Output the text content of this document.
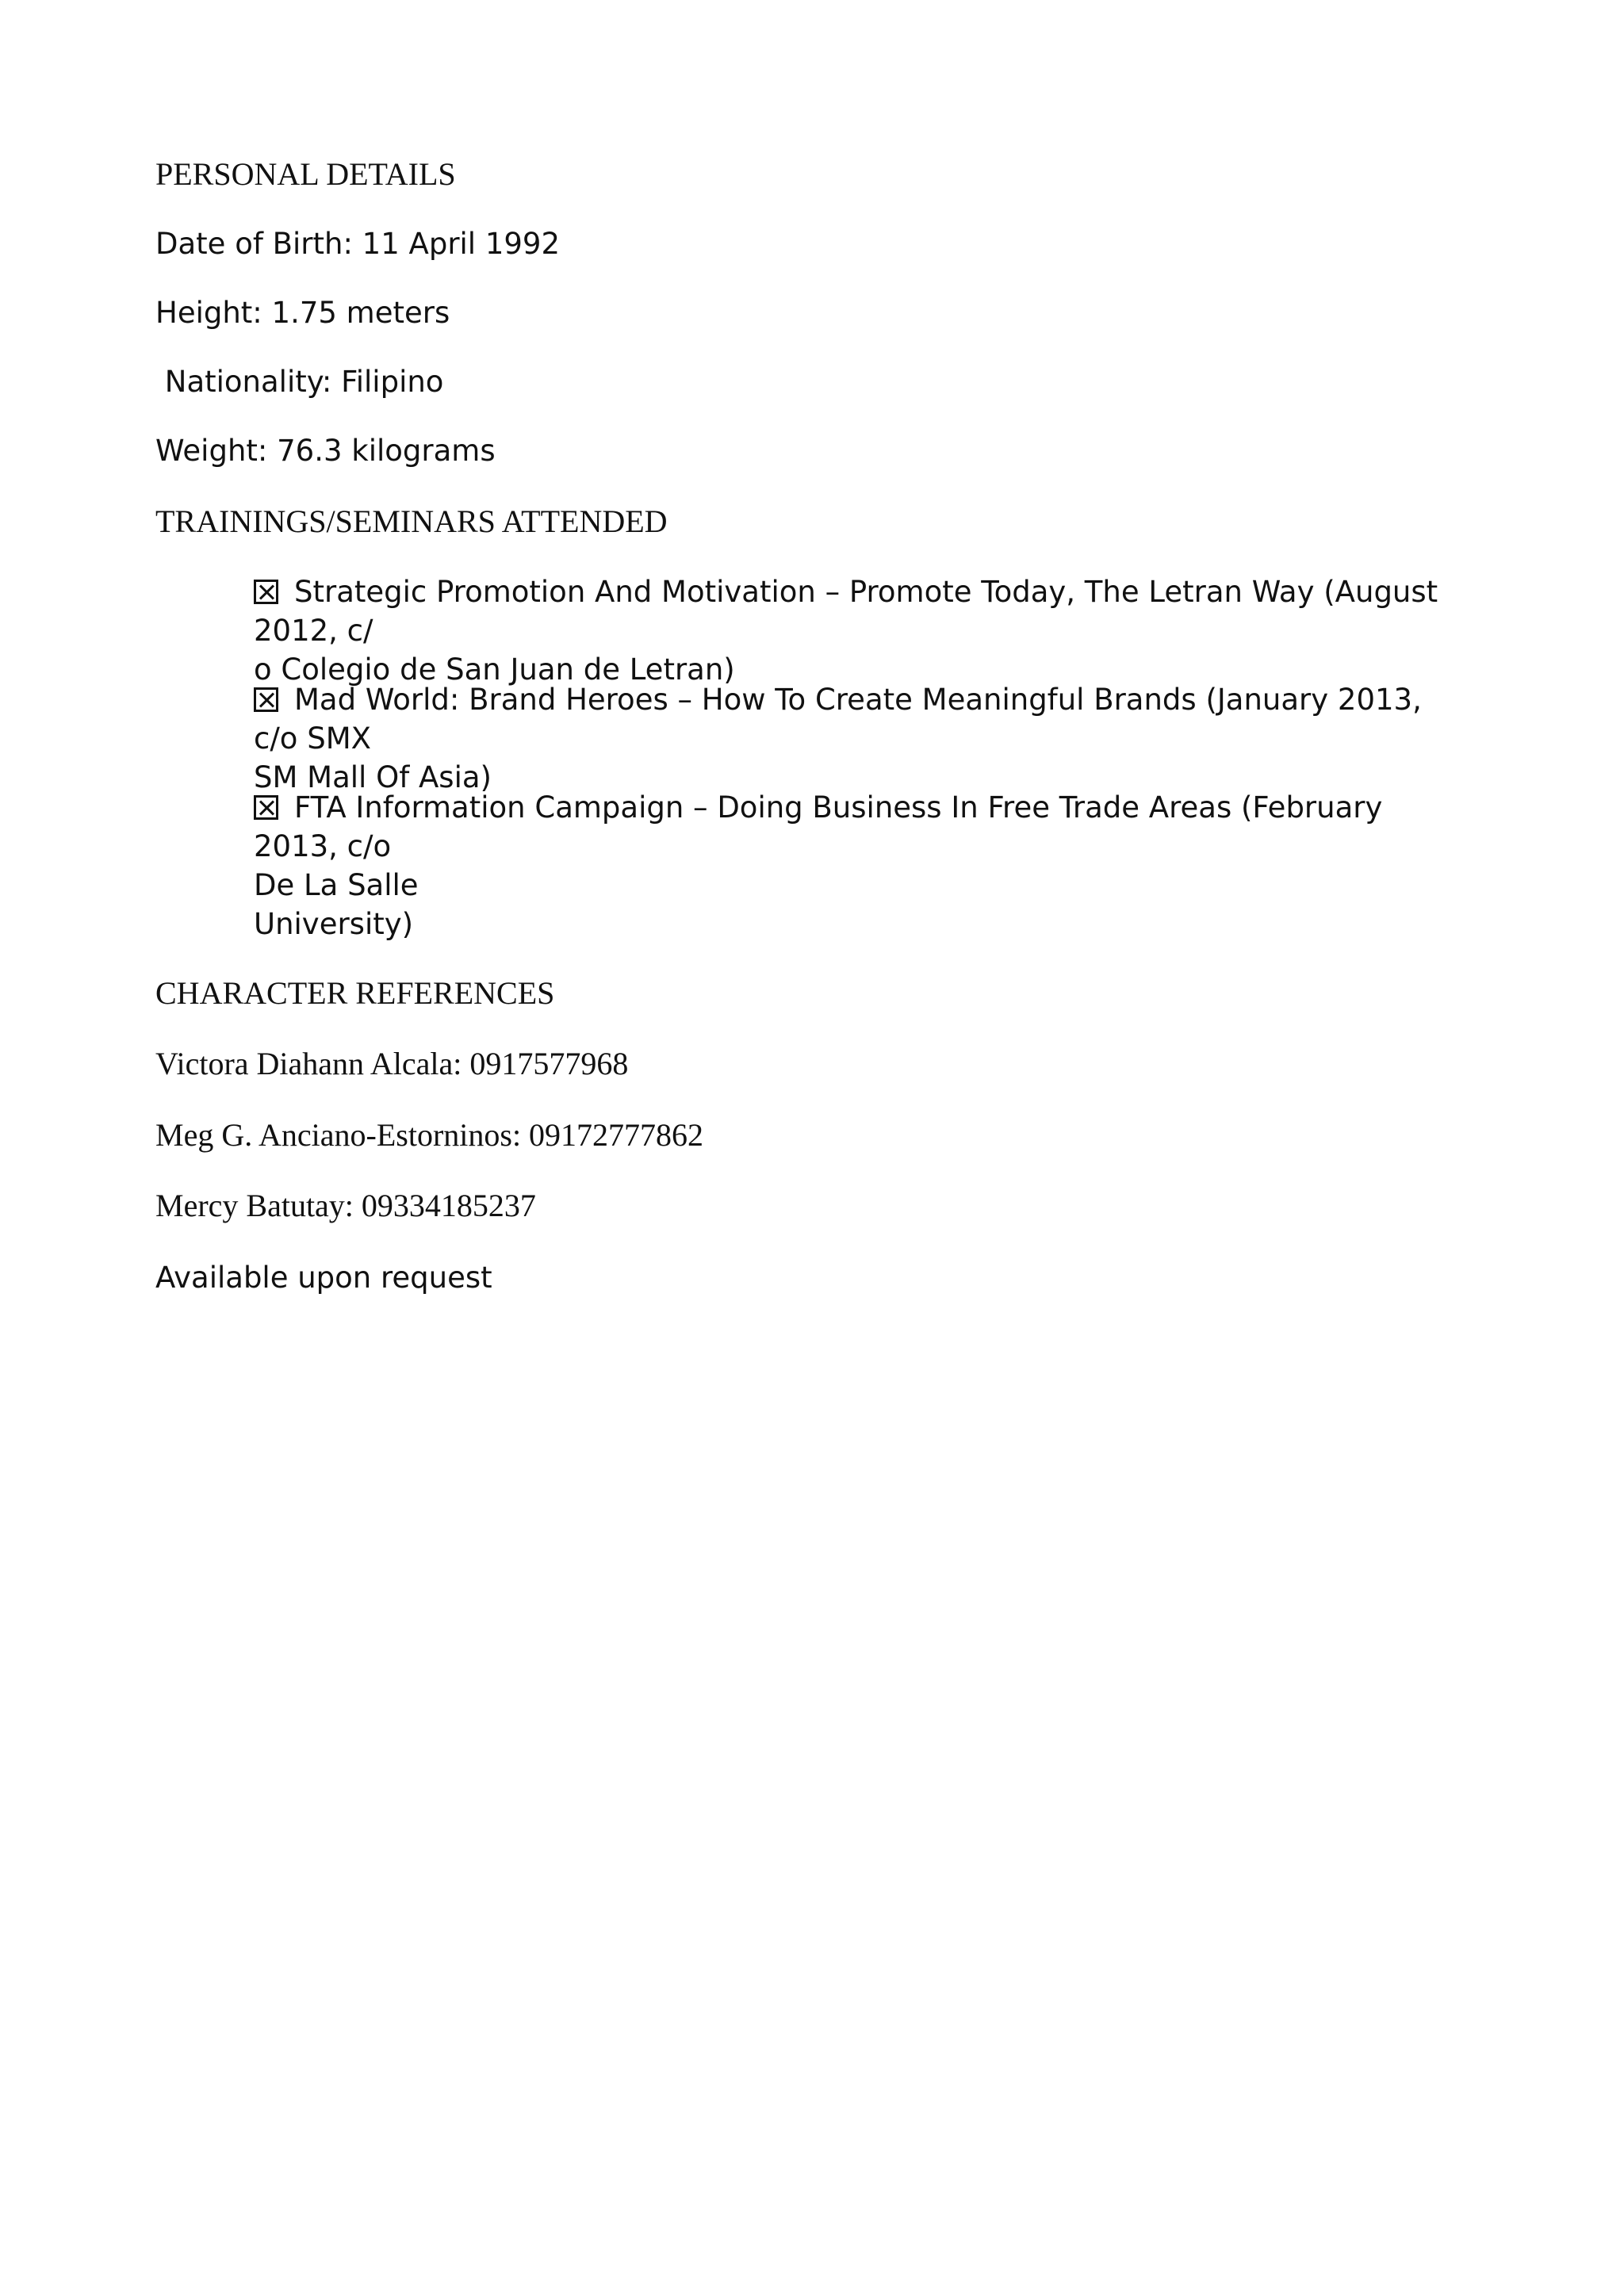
PERSONAL DETAILS
Date of Birth: 11 April 1992
Height: 1.75 meters
Nationality: Filipino
Weight: 76.3 kilograms
TRAININGS/SEMINARS ATTENDED
Strategic Promotion And Motivation – Promote Today, The Letran Way (August 2012, c/
o Colegio de San Juan de Letran)
Mad World: Brand Heroes – How To Create Meaningful Brands (January 2013, c/o SMX
SM Mall Of Asia)
FTA Information Campaign – Doing Business In Free Trade Areas (February 2013, c/o
De La Salle
University)
CHARACTER REFERENCES
Victora Diahann Alcala: 0917577968
Meg G. Anciano-Estorninos: 09172777862
Mercy Batutay: 09334185237
Available upon request
